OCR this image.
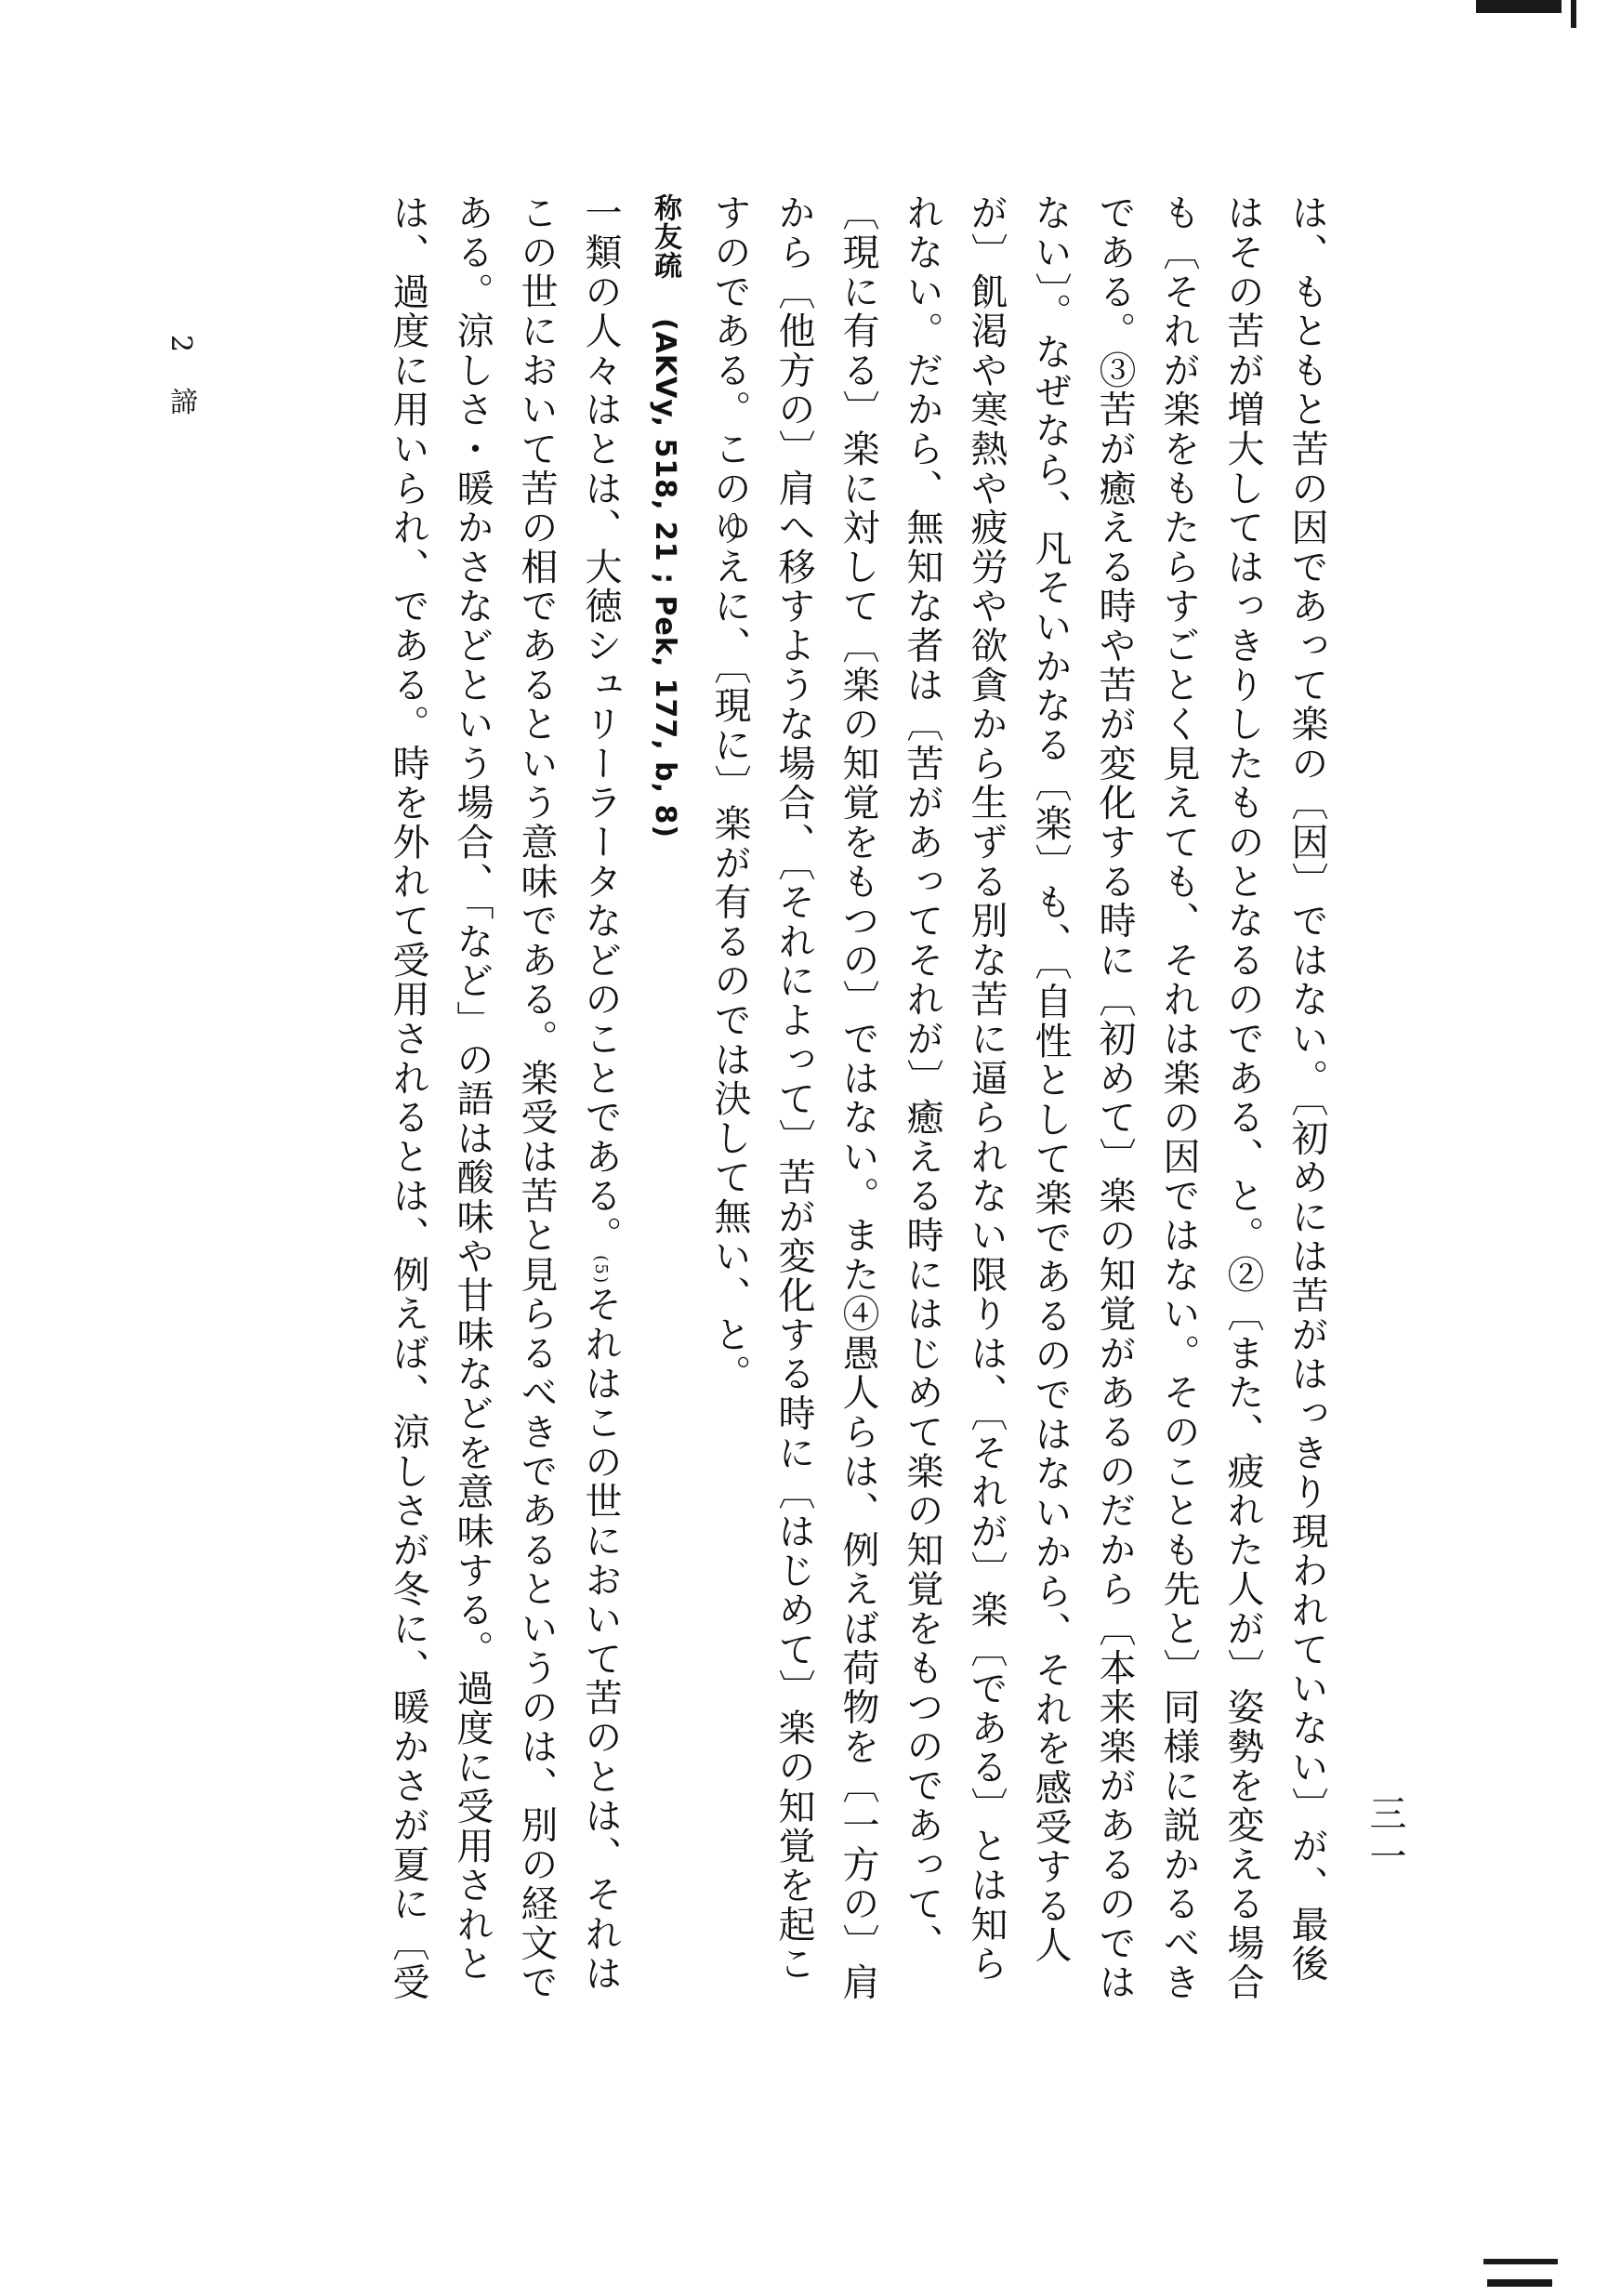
2 諦
三一
は、もともと苦の因であって楽の〔因〕ではない。〔初めには苦がはっきり現われていない〕が、最後
はその苦が増大してはっきりしたものとなるのである、と。②〔また、疲れた人が〕姿勢を変える場合
も〔それが楽をもたらすごとく見えても、それは楽の因ではない。そのことも先と〕同様に説かるべき
である。③苦が癒える時や苦が変化する時に〔初めて〕楽の知覚があるのだから〔本来楽があるのでは
ない〕。なぜなら、凡そいかなる〔楽〕も、〔自性として楽であるのではないから、それを感受する人
が〕飢渇や寒熱や疲労や欲貪から生ずる別な苦に逼られない限りは、〔それが〕楽〔である〕とは知ら
れない。だから、無知な者は〔苦があってそれが〕癒える時にはじめて楽の知覚をもつのであって、
〔現に有る〕楽に対して〔楽の知覚をもつの〕ではない。また④愚人らは、例えば荷物を〔一方の〕肩
から〔他方の〕肩へ移すような場合、〔それによって〕苦が変化する時に〔はじめて〕楽の知覚を起こ
すのである。このゆえに、〔現に〕楽が有るのでは決して無い、と。
称友疏 (AKVy, 518, 21 ; Pek, 177, b, 8)
一類の人々はとは、大徳シュリーラータなどのことである。(5)それはこの世において苦のとは、それは
この世において苦の相であるという意味である。楽受は苦と見らるべきであるというのは、別の経文で
ある。涼しさ・暖かさなどという場合、「など」の語は酸味や甘味などを意味する。過度に受用されと
は、過度に用いられ、である。時を外れて受用されるとは、例えば、涼しさが冬に、暖かさが夏に〔受
